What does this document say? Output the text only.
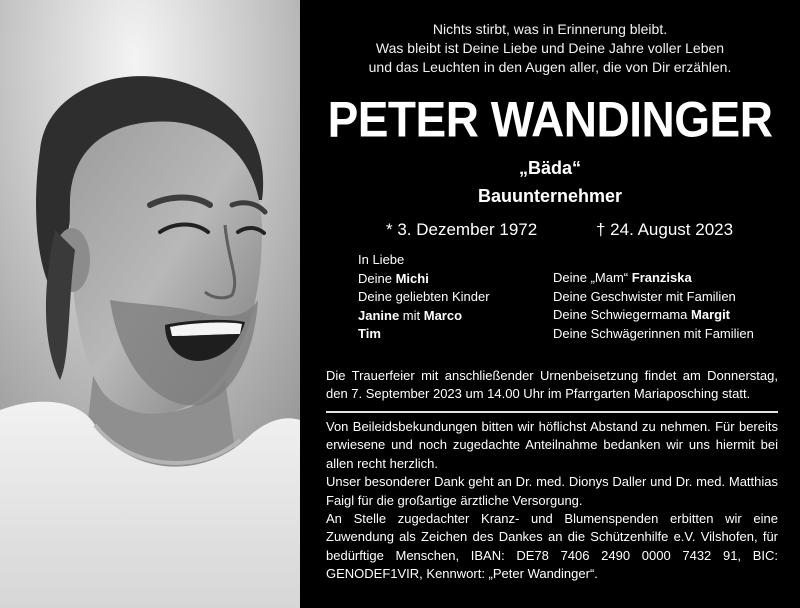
Nichts stirbt, was in Erinnerung bleibt.
Was bleibt ist Deine Liebe und Deine Jahre voller Leben
und das Leuchten in den Augen aller, die von Dir erzählen.
PETER WANDINGER
„Bäda“
Bauunternehmer
* 3. Dezember 1972	† 24. August 2023
In Liebe
Deine Michi
Deine geliebten Kinder
Janine mit Marco
Tim
Deine „Mam“ Franziska
Deine Geschwister mit Familien
Deine Schwiegermama Margit
Deine Schwägerinnen mit Familien
Die Trauerfeier mit anschließender Urnenbeisetzung findet am Donnerstag,
den 7. September 2023 um 14.00 Uhr im Pfarrgarten Mariaposching statt.

Von Beileidsbekundungen bitten wir höflichst Abstand zu nehmen. Für bereits erwiesene und noch zugedachte Anteilnahme bedanken wir uns hiermit bei allen recht herzlich.

Unser besonderer Dank geht an Dr. med. Dionys Daller und Dr. med. Matthias Faigl für die großartige ärztliche Versorgung.

An Stelle zugedachter Kranz- und Blumenspenden erbitten wir eine Zuwendung als Zeichen des Dankes an die Schützenhilfe e.V. Vilshofen, für bedürftige Menschen, IBAN: DE78 7406 2490 0000 7432 91, BIC: GENODEF1VIR, Kennwort: „Peter Wandinger“.
